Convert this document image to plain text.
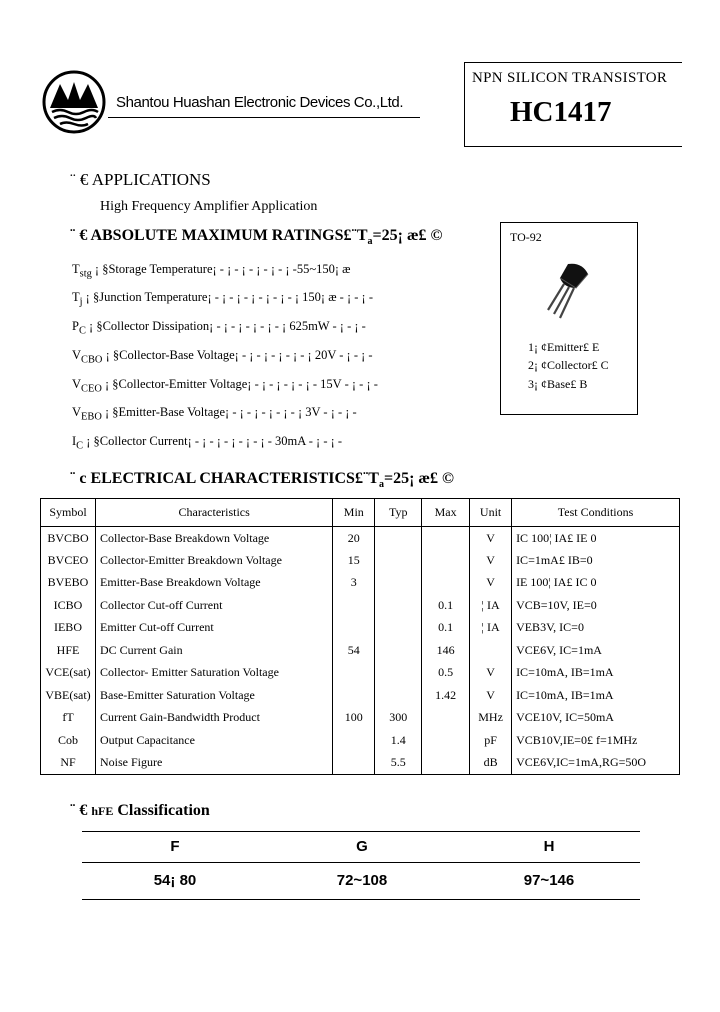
Shantou Huashan Electronic Devices Co.,Ltd.
NPN SILICON TRANSISTOR
HC1417
¨ € APPLICATIONS
High Frequency Amplifier Application
¨ € ABSOLUTE MAXIMUM $RATINGS£¨T_a=25¡$ æ£ ©
$T_{stg}$ ¡ §Storage Temperature¡ - ¡ - ¡ - ¡ - ¡ - ¡ -55~150¡ æ
$T_j$ ¡ §Junction Temperature¡ - ¡ - ¡ - ¡ - ¡ - ¡ - ¡ 150¡ æ - ¡ - ¡ -
$P_C$ ¡ §Collector Dissipation¡ - ¡ - ¡ - ¡ - ¡ - ¡ 625mW - ¡ - ¡ -
$V_{CBO}$ ¡ §Collector-Base Voltage¡ - ¡ - ¡ - ¡ - ¡ - ¡ 20V - ¡ - ¡ -
$V_{CEO}$ ¡ §Collector-Emitter Voltage¡ - ¡ - ¡ - ¡ - ¡ - 15V - ¡ - ¡ -
$V_{EBO}$ ¡ §Emitter-Base Voltage¡ - ¡ - ¡ - ¡ - ¡ - ¡ 3V - ¡ - ¡ -
$I_C$ ¡ §Collector Current¡ - ¡ - ¡ - ¡ - ¡ - ¡ - 30mA - ¡ - ¡ -
TO-92
1¡ ¢Emitter£ E
2¡ ¢Collector£ C
3¡ ¢Base£ B
¨ c ELECTRICAL $CHARACTERISTICS£¨T_a=25¡$ æ£ ©
Symbol	Characteristics	Min	Typ	Max	Unit	Test Conditions
BVCBO	Collector-Base Breakdown Voltage	20			V	IC 100¦ IA£ IE 0
BVCEO	Collector-Emitter Breakdown Voltage	15			V	IC=1mA£ IB=0
BVEBO	Emitter-Base Breakdown Voltage	3			V	IE 100¦ IA£ IC 0
ICBO	Collector Cut-off Current			0.1	¦ IA	VCB=10V, IE=0
IEBO	Emitter Cut-off Current			0.1	¦ IA	VEB3V, IC=0
HFE	DC Current Gain	54		146		VCE6V, IC=1mA
VCE(sat)	Collector- Emitter Saturation Voltage			0.5	V	IC=10mA, IB=1mA
VBE(sat)	Base-Emitter Saturation Voltage			1.42	V	IC=10mA, IB=1mA
fT	Current Gain-Bandwidth Product	100	300		MHz	VCE10V, IC=50mA
Cob	Output Capacitance		1.4		pF	VCB10V,IE=0£ f=1MHz
NF	Noise Figure		5.5		dB	VCE6V,IC=1mA,RG=50O
¨ € hFE Classification
F	G	H
54¡ 80	72~108	97~146
